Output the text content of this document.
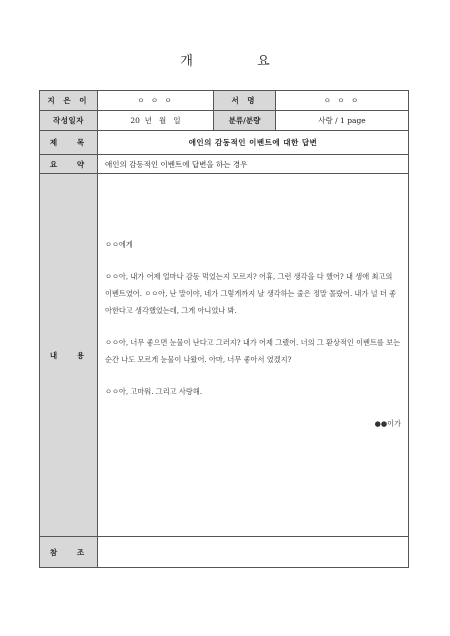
개 요
지 은 이	ㅇ ㅇ ㅇ	서 명	ㅇ ㅇ ㅇ
작성일자	20  년   월   일	분류/분량	사랑 / 1 page
제   목	애인의 감동적인 이벤트에 대한 답변		
요   약	애인의 감동적인 이벤트에 답변을 하는 경우		
내   용	ㅇㅇ에게

ㅇㅇ아, 내가 어제 얼마나 감동 먹었는지 모르지? 어휴, 그런 생각을 다 했어? 내 생애 최고의 이벤트였어. ㅇㅇ아, 난 말이야, 네가 그렇게까지 날 생각하는 줄은 정말 몰랐어. 내가 널 더 좋아한다고 생각했었는데, 그게 아니었나 봐.

ㅇㅇ아, 너무 좋으면 눈물이 난다고 그러지? 내가 어제 그랬어. 너의 그 환상적인 이벤트를 보는 순간 나도 모르게 눈물이 나왔어. 아마, 너무 좋아서 였겠지?

ㅇㅇ아, 고마워. 그리고 사랑해.

●●이가		

참   조			
